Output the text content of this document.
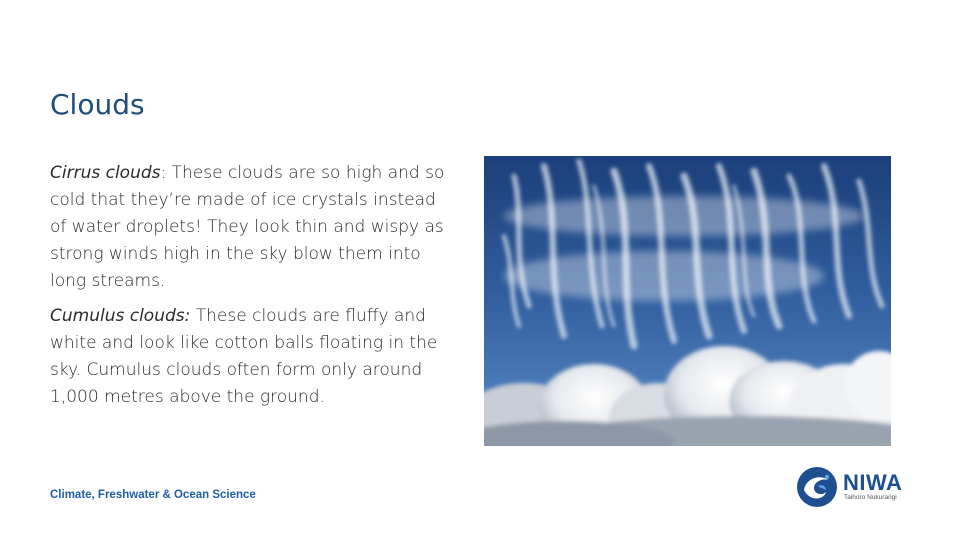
Clouds

Cirrus clouds: These clouds are so high and so cold that they’re made of ice crystals instead of water droplets! They look thin and wispy as strong winds high in the sky blow them into long streams.

Cumulus clouds: These clouds are fluffy and white and look like cotton balls floating in the sky. Cumulus clouds often form only around 1,000 metres above the ground.

Climate, Freshwater & Ocean Science	NIWA
Taihoro Nukurangi
